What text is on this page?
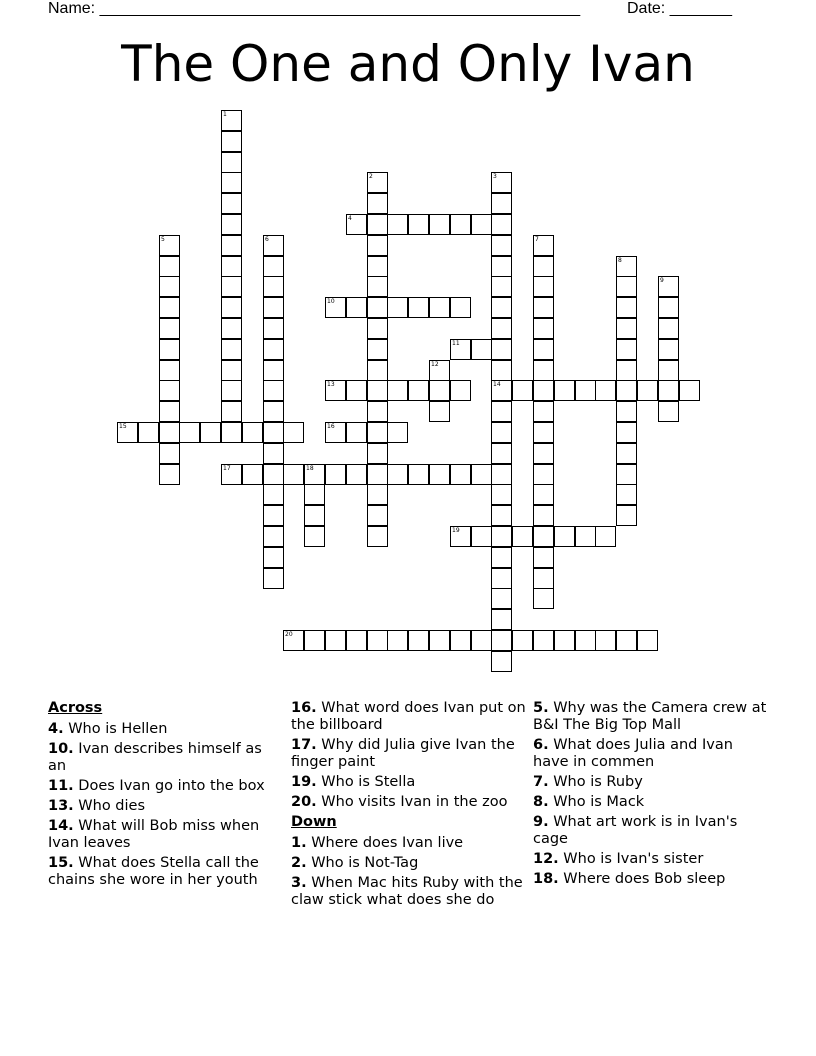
Name: ______________________________________________________	Date: _______
The One and Only Ivan
1
2	3
14
4
5	6	7
8
9
10
11
12
13
15	16
17	18
19
20
Across
4. Who is Hellen
10. Ivan describes himself as an
11. Does Ivan go into the box
13. Who dies
14. What will Bob miss when Ivan leaves
15. What does Stella call the chains she wore in her youth
16. What word does Ivan put on the billboard
17. Why did Julia give Ivan the finger paint
19. Who is Stella
20. Who visits Ivan in the zoo
Down
1. Where does Ivan live
2. Who is Not-Tag
3. When Mac hits Ruby with the claw stick what does she do
5. Why was the Camera crew at B&I The Big Top Mall
6. What does Julia and Ivan have in commen
7. Who is Ruby
8. Who is Mack
9. What art work is in Ivan's cage
12. Who is Ivan's sister
18. Where does Bob sleep
